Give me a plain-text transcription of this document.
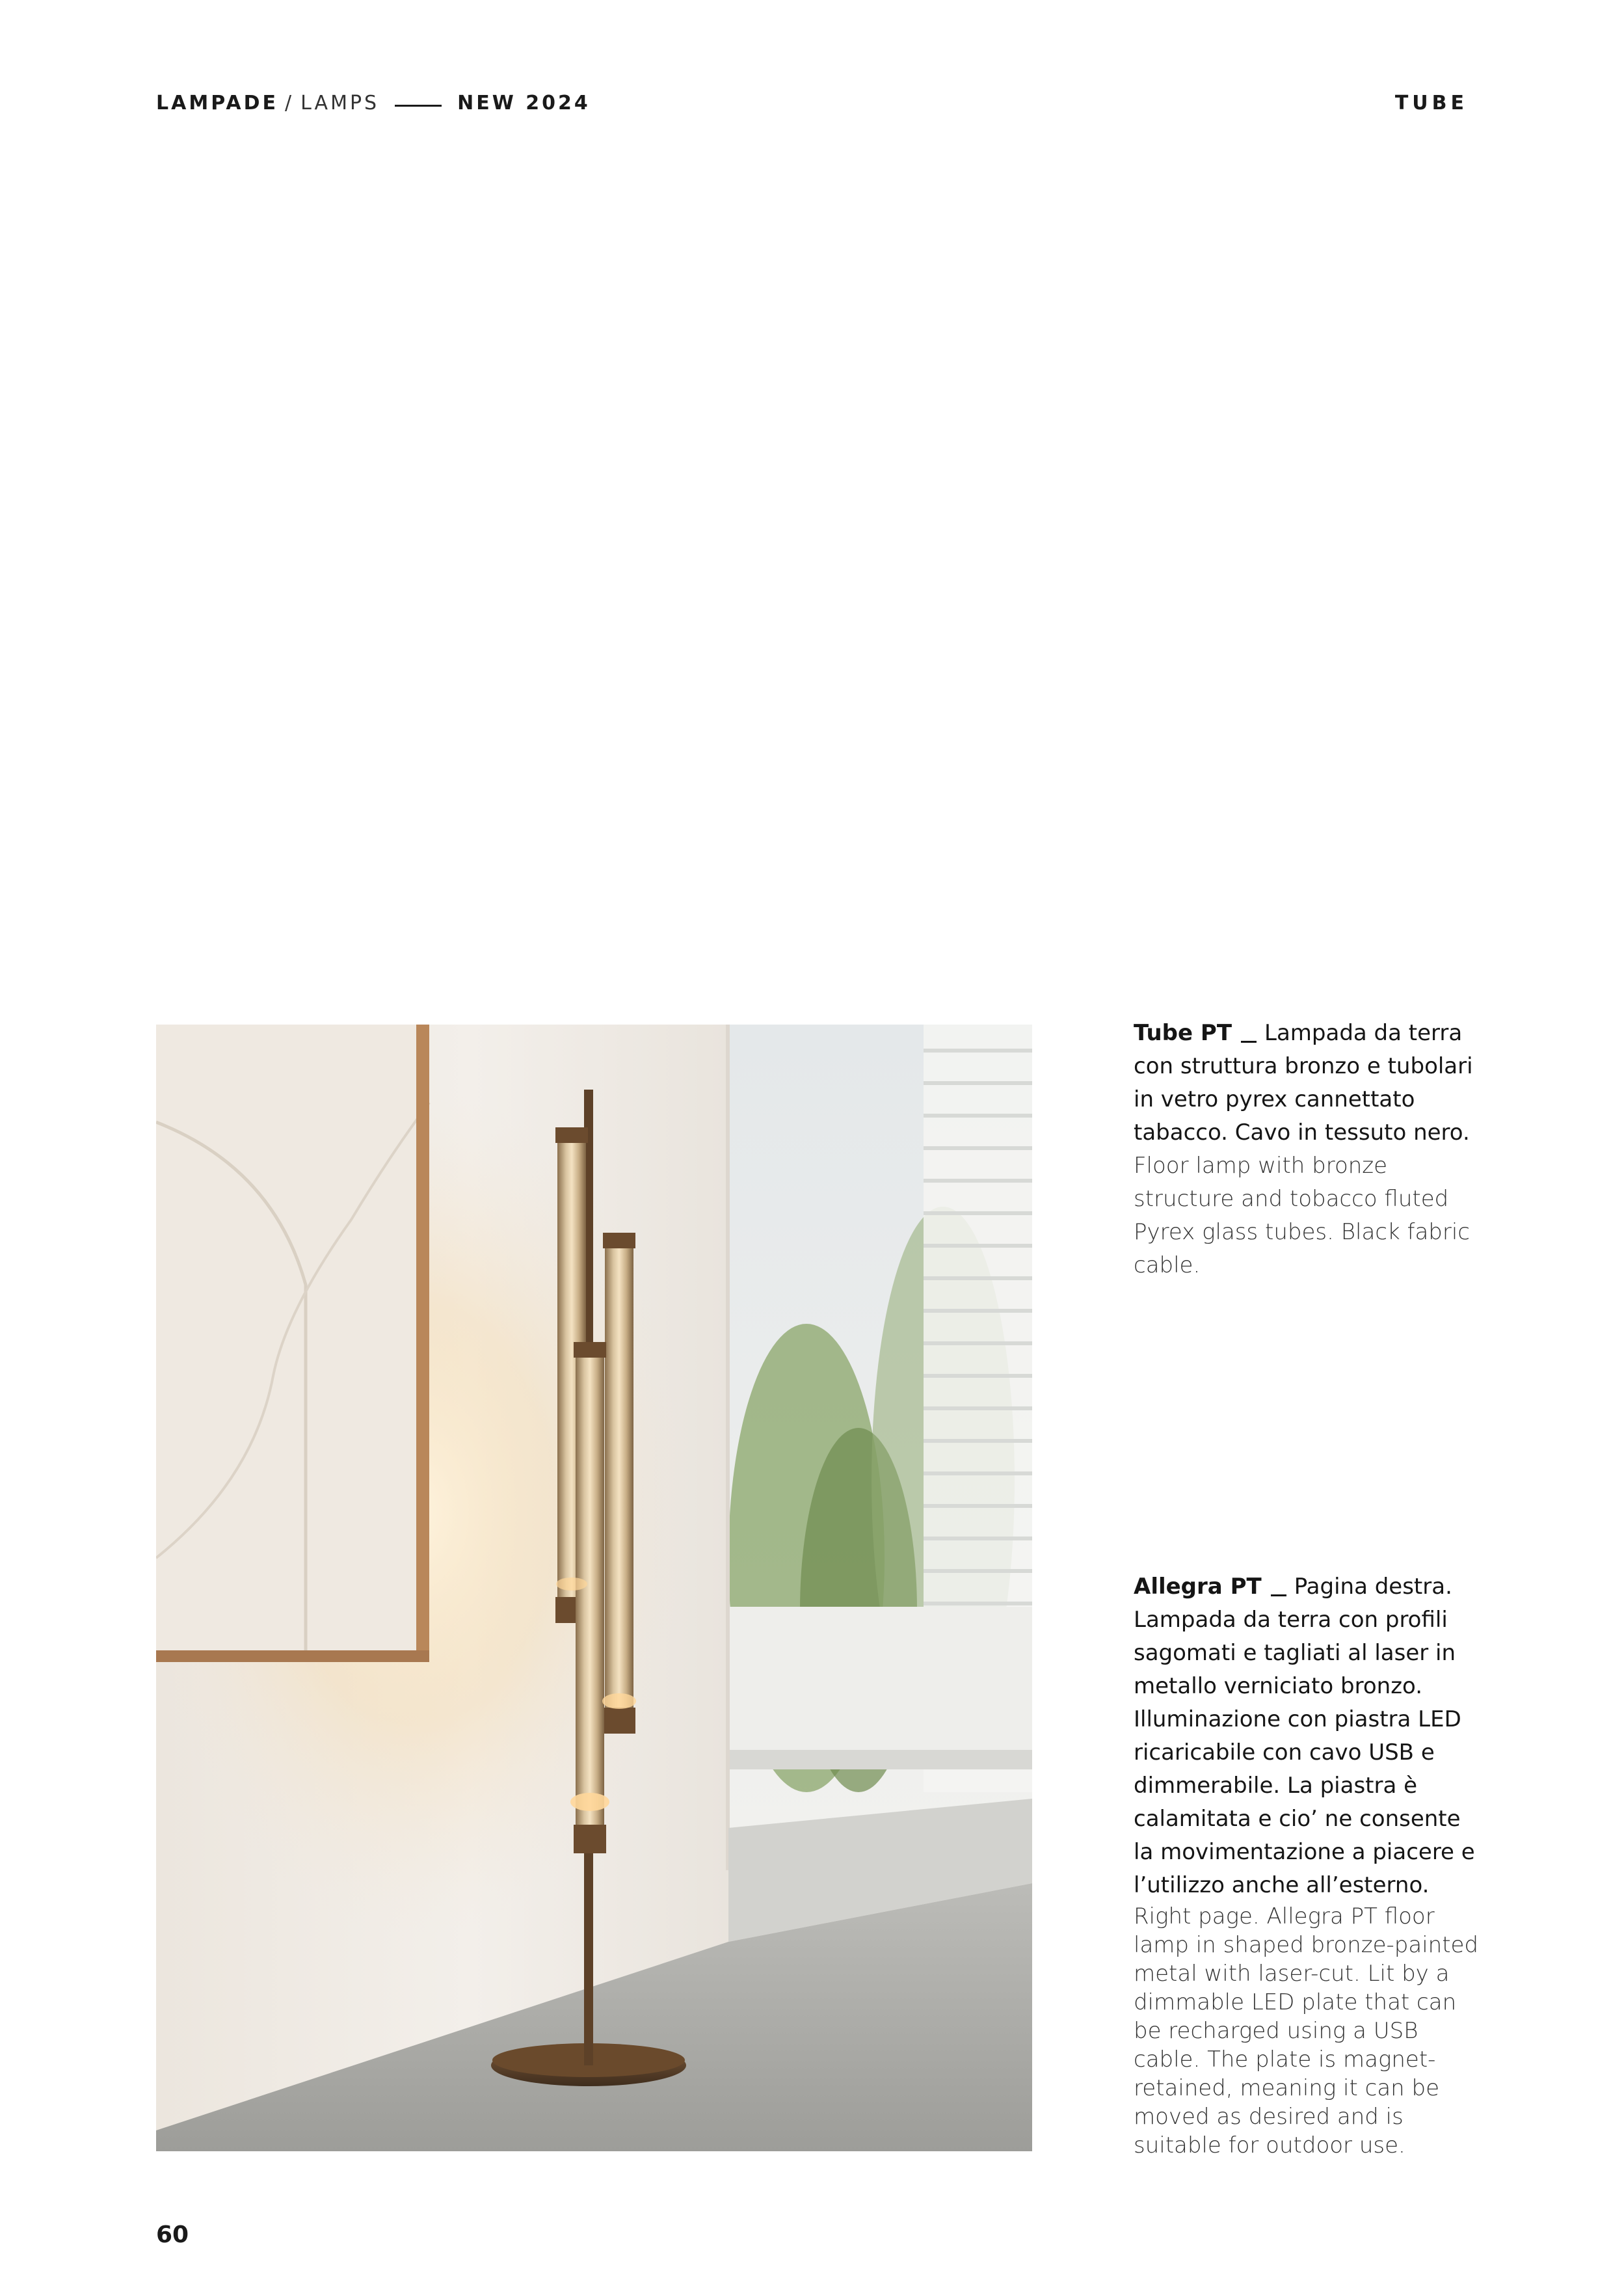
LAMPADE / LAMPS	NEW 2024	TUBE
Tube PT Lampada da terra con struttura bronzo e tubolari in vetro pyrex cannettato tabacco. Cavo in tessuto nero.
Floor lamp with bronze structure and tobacco fluted Pyrex glass tubes. Black fabric cable.
Allegra PT Pagina destra. Lampada da terra con profili sagomati e tagliati al laser in metallo verniciato bronzo. Illuminazione con piastra LED ricaricabile con cavo USB e dimmerabile. La piastra è calamitata e cio’ ne consente la movimentazione a piacere e l’utilizzo anche all’esterno.
Right page. Allegra PT floor lamp in shaped bronze-painted metal with laser-cut. Lit by a dimmable LED plate that can be recharged using a USB cable. The plate is magnet-retained, meaning it can be moved as desired and is suitable for outdoor use.
60
